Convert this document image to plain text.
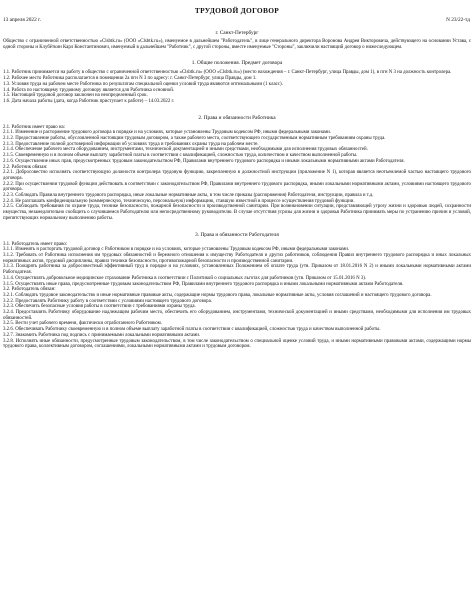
ТРУДОВОЙ ДОГОВОР
13 апреля 2022 г.	N 23/22-тд
г. Санкт-Петербург

Общество с ограниченной ответственностью «Clsbtk.ru» (ООО «Clsbtk.ru»), именуемое в дальнейшем "Работодатель", в лице генерального директора Воронова Андрея Викторовича, действующего на основании Устава, с одной стороны и Клубёткин Карл Константинович, именуемый в дальнейшем "Работник", с другой стороны, вместе именуемые "Стороны", заключили настоящий договор о нижеследующем.

1. Общие положения. Предмет договора

1.1. Работник принимается на работу в общество с ограниченной ответственностью «Clsbtk.ru» (ООО «Clsbtk.ru») (место нахождения – г. Санкт-Петербург, улица Правды, дом 1), в пгн N 3 на должность контролера.

1.2. Рабочее место Работника располагается в помещении 2а пгн N 3 по адресу: г. Санкт-Петербург, улица Правды, дом 1.

1.3. Условия труда на рабочем месте Работника по результатам специальной оценки условий труда являются оптимальными (1 класс).

1.4. Работа по настоящему трудовому договору является для Работника основной.

1.5. Настоящий трудовой договор заключен на неопределенный срок.

1.6. Дата начала работы (дата, когда Работник приступает к работе) – 14.03.2022 г.

2. Права и обязанности Работника

2.1. Работник имеет право на:

2.1.1. Изменение и расторжение трудового договора в порядке и на условиях, которые установлены Трудовым кодексом РФ, иными федеральными законами.

2.1.2. Предоставление работы, обусловленной настоящим трудовым договором, а также рабочего места, соответствующего государственным нормативным требованиям охраны труда.

2.1.3. Предоставление полной достоверной информации об условиях труда и требованиях охраны труда на рабочем месте.

2.1.4. Обеспечение рабочего места оборудованием, инструментами, технической документацией и иными средствами, необходимыми для исполнения трудовых обязанностей.

2.1.5. Своевременную и в полном объеме выплату заработной платы в соответствии с квалификацией, сложностью труда, количеством и качеством выполненной работы.

2.1.6. Осуществление иных прав, предусмотренных трудовым законодательством РФ, Правилами внутреннего трудового распорядка и иными локальными нормативными актами Работодателя.

2.2. Работник обязан:

2.2.1. Добросовестно исполнять соответствующую должности контролера трудовую функцию, закрепленную в должностной инструкции (приложение N 1), которая является неотъемлемой частью настоящего трудового договора.

2.2.2. При осуществлении трудовой функции действовать в соответствии с законодательством РФ, Правилами внутреннего трудового распорядка, иными локальными нормативными актами, условиями настоящего трудового договора.

2.2.3. Соблюдать Правила внутреннего трудового распорядка, иные локальные нормативные акты, в том числе приказы (распоряжения) Работодателя, инструкции, правила и т.д.

2.2.4. Не разглашать конфиденциальную (коммерческую, техническую, персональную) информацию, ставшую известной в процессе осуществления трудовой функции.

2.2.5. Соблюдать требования по охране труда, технике безопасности, пожарной безопасности и производственной санитарии. При возникновении ситуации, представляющей угрозу жизни и здоровью людей, сохранности имущества, незамедлительно сообщить о случившемся Работодателю или непосредственному руководителю. В случае отсутствия угрозы для жизни и здоровья Работника принимать меры по устранению причин и условий, препятствующих нормальному выполнению работы.

3. Права и обязанности Работодателя

3.1. Работодатель имеет право:

3.1.1. Изменять и расторгать трудовой договор с Работником в порядке и на условиях, которые установлены Трудовым кодексом РФ, иными федеральными законами.

3.1.2. Требовать от Работника исполнения им трудовых обязанностей и бережного отношения к имуществу Работодателя и других работников, соблюдения Правил внутреннего трудового распорядка и иных локальных нормативных актов, трудовой дисциплины, правил техники безопасности, противопожарной безопасности и производственной санитарии.

3.1.3. Поощрять работника за добросовестный эффективный труд в порядке и на условиях, установленных Положением об оплате труда (утв. Приказом от 18.01.2016 N 2) и иными локальными нормативными актами Работодателя.

3.1.4. Осуществлять добровольное медицинское страхование Работника в соответствии с Политикой о социальных льготах для работников (утв. Приказом от 15.01.2016 N 3).

3.1.5. Осуществлять иные права, предусмотренные трудовым законодательством РФ, Правилами внутреннего трудового распорядка и иными локальными нормативными актами Работодателя.

3.2. Работодатель обязан:

3.2.1. Соблюдать трудовое законодательство и иные нормативные правовые акты, содержащие нормы трудового права, локальные нормативные акты, условия соглашений и настоящего трудового договора.

3.2.2. Предоставлять Работнику работу в соответствии с условиями настоящего трудового договора.

3.2.3. Обеспечить безопасные условия работы в соответствии с требованиями охраны труда.

3.2.4. Предоставлять Работнику оборудование надлежащим рабочим место, обеспечить его оборудованием, инструментами, технической документацией и иными средствами, необходимыми для исполнения им трудовых обязанностей.

3.2.5. Вести учет рабочего времени, фактически отработанного Работником.

3.2.6. Обеспечивать Работнику своевременную и в полном объеме выплату заработной платы в соответствии с квалификацией, сложностью труда и качеством выполненной работы.

3.2.7. Знакомить Работника под подпись с принимаемыми локальными нормативными актами.

3.2.8. Исполнять иные обязанности, предусмотренные трудовым законодательством, в том числе законодательством о специальной оценке условий труда, и иными нормативными правовыми актами, содержащими нормы трудового права, коллективным договором, соглашениями, локальными нормативными актами и трудовым договором.
